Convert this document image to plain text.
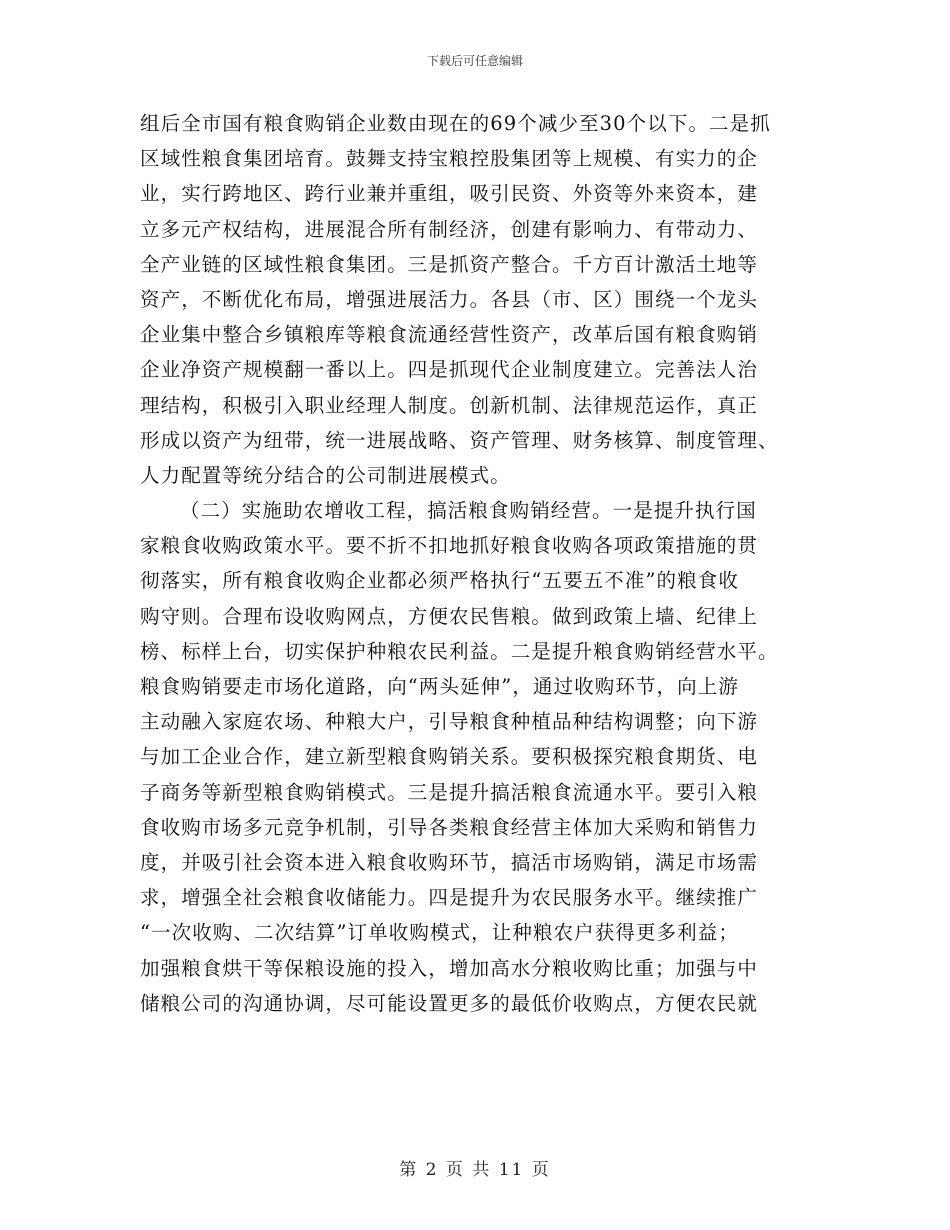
下载后可任意编辑
组后全市国有粮食购销企业数由现在的69个减少至30个以下。二是抓
区域性粮食集团培育。鼓舞支持宝粮控股集团等上规模、有实力的企
业，实行跨地区、跨行业兼并重组，吸引民资、外资等外来资本，建
立多元产权结构，进展混合所有制经济，创建有影响力、有带动力、
全产业链的区域性粮食集团。三是抓资产整合。千方百计激活土地等
资产，不断优化布局，增强进展活力。各县（市、区）围绕一个龙头
企业集中整合乡镇粮库等粮食流通经营性资产，改革后国有粮食购销
企业净资产规模翻一番以上。四是抓现代企业制度建立。完善法人治
理结构，积极引入职业经理人制度。创新机制、法律规范运作，真正
形成以资产为纽带，统一进展战略、资产管理、财务核算、制度管理、
人力配置等统分结合的公司制进展模式。
（二）实施助农增收工程，搞活粮食购销经营。一是提升执行国
家粮食收购政策水平。要不折不扣地抓好粮食收购各项政策措施的贯
彻落实，所有粮食收购企业都必须严格执行“五要五不准”的粮食收
购守则。合理布设收购网点，方便农民售粮。做到政策上墙、纪律上
榜、标样上台，切实保护种粮农民利益。二是提升粮食购销经营水平。
粮食购销要走市场化道路，向“两头延伸”，通过收购环节，向上游
主动融入家庭农场、种粮大户，引导粮食种植品种结构调整；向下游
与加工企业合作，建立新型粮食购销关系。要积极探究粮食期货、电
子商务等新型粮食购销模式。三是提升搞活粮食流通水平。要引入粮
食收购市场多元竞争机制，引导各类粮食经营主体加大采购和销售力
度，并吸引社会资本进入粮食收购环节，搞活市场购销，满足市场需
求，增强全社会粮食收储能力。四是提升为农民服务水平。继续推广
“一次收购、二次结算”订单收购模式，让种粮农户获得更多利益；
加强粮食烘干等保粮设施的投入，增加高水分粮收购比重；加强与中
储粮公司的沟通协调，尽可能设置更多的最低价收购点，方便农民就
第 2 页 共 11 页
